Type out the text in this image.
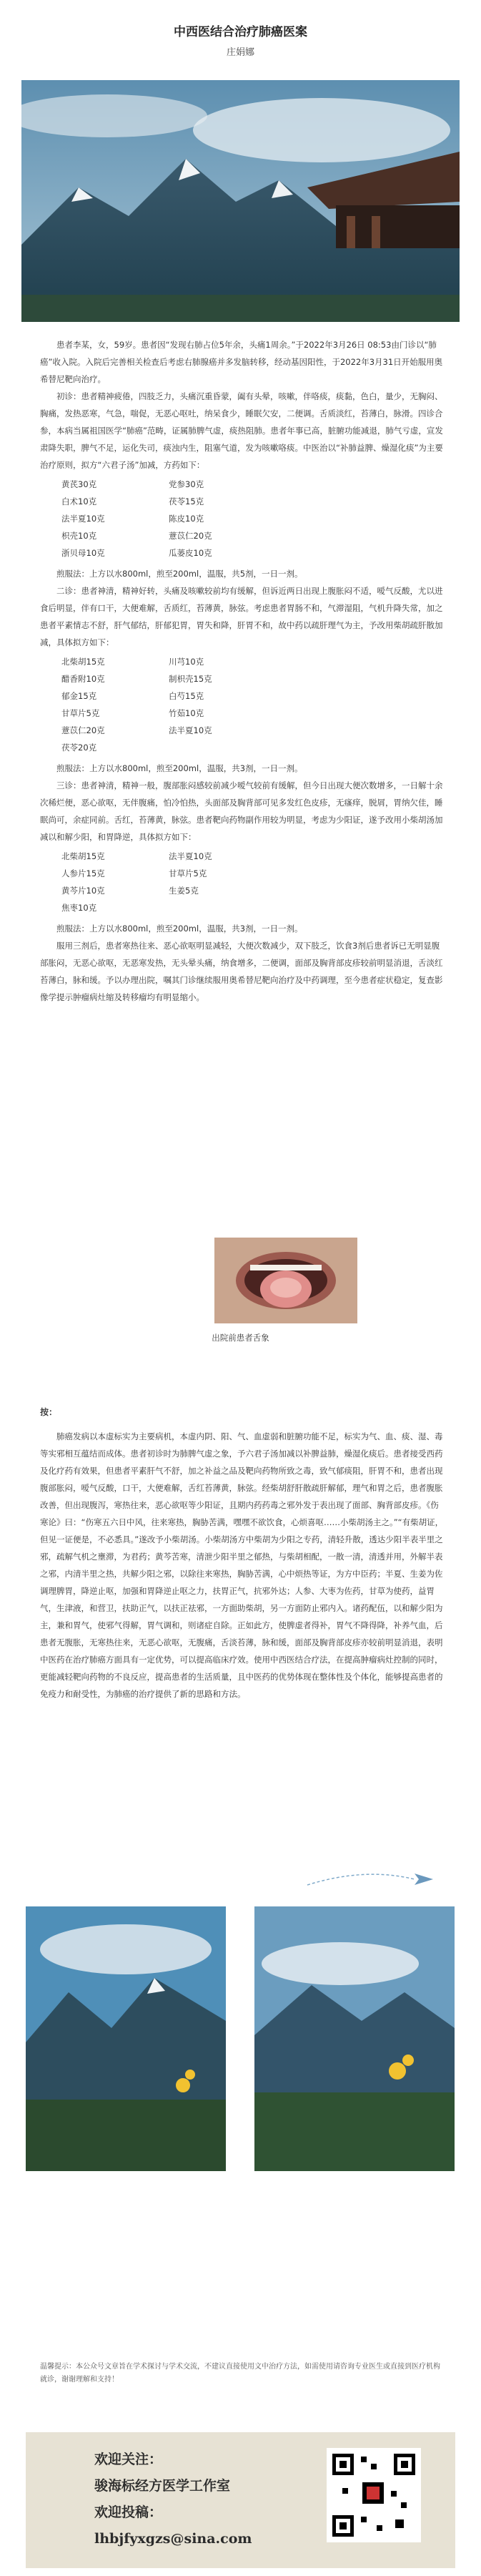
中西医结合治疗肺癌医案
庄娟娜

患者李某，女，59岁。患者因“发现右肺占位5年余，头痛1周余。”于2022年3月26日 08:53由门诊以“肺癌”收入院。入院后完善相关检查后考虑右肺腺癌并多发脑转移，经动基因阳性，于2022年3月31日开始服用奥希替尼靶向治疗。

初诊：患者精神疲倦，四肢乏力，头痛沉重昏蒙，阖有头晕，咳嗽，伴咯痰，痰黏，色白，量少，无胸闷、胸痛，发热恶寒，气急，喘促，无恶心呕吐，纳呆食少，睡眠欠安，二便调。舌质淡红，苔薄白，脉滑。四诊合参，本病当属祖国医学“肺癌”范畴，证属肺脾气虚，痰热阻肺。患者年事已高，脏腑功能减退，肺气亏虚，宣发肃降失职，脾气不足，运化失司，痰浊内生，阻塞气道，发为咳嗽咯痰。中医治以“补肺益脾、燥湿化痰”为主要治疗原则，拟方“六君子汤”加减，方药如下：

黄芪30克	党参30克
白术10克	茯苓15克
法半夏10克	陈皮10克
枳壳10克	薏苡仁20克
浙贝母10克	瓜蒌皮10克

煎服法：上方以水800ml，煎至200ml，温服，共5剂，一日一剂。

二诊：患者神清，精神好转，头痛及咳嗽较前均有缓解，但诉近两日出现上腹胀闷不适，嗳气反酸，尤以进食后明显，伴有口干，大便难解，舌质红，苔薄黄，脉弦。考虑患者胃肠不和，气滞湿阻，气机升降失常，加之患者平素情志不舒，肝气郁结，肝郁犯胃，胃失和降，肝胃不和，故中药以疏肝理气为主，予改用柴胡疏肝散加减，具体拟方如下：

北柴胡15克	川芎10克
醋香附10克	制枳壳15克
郁金15克	白芍15克
甘草片5克	竹茹10克
薏苡仁20克	法半夏10克
茯苓20克

煎服法：上方以水800ml，煎至200ml，温服，共3剂，一日一剂。

三诊：患者神清，精神一般，腹部胀闷感较前减少嗳气较前有缓解，但今日出现大便次数增多，一日解十余次稀烂便，恶心欲呕，无伴腹痛，怕冷怕热，头面部及胸背部可见多发红色皮疹，无瘙痒，脱屑，胃纳欠佳，睡眠尚可，余症同前。舌红，苔薄黄，脉弦。患者靶向药物副作用较为明显，考虑为少阳证，遂予改用小柴胡汤加减以和解少阳，和胃降逆，具体拟方如下：

北柴胡15克	法半夏10克
人参片15克	甘草片5克
黄芩片10克	生姜5克
焦枣10克

煎服法：上方以水800ml，煎至200ml，温服，共3剂，一日一剂。

服用三剂后，患者寒热往来、恶心欲呕明显减轻，大便次数减少，双下肢乏，饮食3剂后患者诉已无明显腹部胀闷，无恶心欲呕，无恶寒发热，无头晕头痛，纳食增多，二便调，面部及胸背部皮疹较前明显消退，舌淡红苔薄白，脉和缓。予以办理出院，嘱其门诊继续服用奥希替尼靶向治疗及中药调理，至今患者症状稳定，复查影像学提示肿瘤病灶缩及转移瘤均有明显缩小。

出院前患者舌象
按：

肺癌发病以本虚标实为主要病机，本虚内阴、阳、气、血虚弱和脏腑功能不足，标实为气、血、痰、湿、毒等实邪相互蕴结而成体。患者初诊时为肺脾气虚之象，予六君子汤加减以补脾益肺，燥湿化痰后。患者接受西药及化疗药有效果，但患者平素肝气不舒，加之补益之品及靶向药物所致之毒，致气郁痰阻，肝胃不和，患者出现腹部胀闷，嗳气反酸，口干，大便难解，舌红苔薄黄，脉弦。经柴胡舒肝散疏肝解郁，理气和胃之后，患者腹胀改善，但出现腹泻，寒热往来，恶心欲呕等少阳证，且期内药药毒之邪外发于表出现了面部、胸背部皮疹。《伤寒论》曰：“伤寒五六日中风，往来寒热，胸胁苦满，嘿嘿不欲饮食，心烦喜呕……小柴胡汤主之。”“有柴胡证，但见一证便是，不必悉具。”遂改予小柴胡汤。小柴胡汤方中柴胡为少阳之专药，清轻升散，透达少阳半表半里之邪，疏解气机之壅滞，为君药；黄芩苦寒，清泄少阳半里之郁热，与柴胡相配，一散一清，清透并用，外解半表之邪，内清半里之热，共解少阳之邪，以除往来寒热，胸胁苦满，心中烦热等证，为方中臣药；半夏、生姜为佐调理脾胃，降逆止呕，加强和胃降逆止呕之力，扶胃正气，抗邪外达；人参、大枣为佐药，甘草为使药，益胃气，生津液，和营卫，扶助正气，以扶正祛邪，一方面助柴胡，另一方面防止邪内入。诸药配伍，以和解少阳为主，兼和胃气，使邪气得解，胃气调和，则诸症自除。正如此方，使脾虚者得补，胃气不降得降，补养气血，后患者无腹胀，无寒热往来，无恶心欲呕，无腹痛，舌淡苔薄，脉和缓，面部及胸背部皮疹亦较前明显消退，表明中医药在治疗肺癌方面具有一定优势，可以提高临床疗效。使用中西医结合疗法，在提高肿瘤病灶控制的同时，更能减轻靶向药物的不良反应，提高患者的生活质量，且中医药的优势体现在整体性及个体化，能够提高患者的免疫力和耐受性，为肺癌的治疗提供了新的思路和方法。

温馨提示：本公众号文章旨在学术探讨与学术交流，不建议直接使用文中治疗方法，如需使用请咨询专业医生或直接到医疗机构就诊，谢谢理解和支持！
欢迎关注：
骏海标经方医学工作室
欢迎投稿：
lhbjfyxgzs@sina.com
